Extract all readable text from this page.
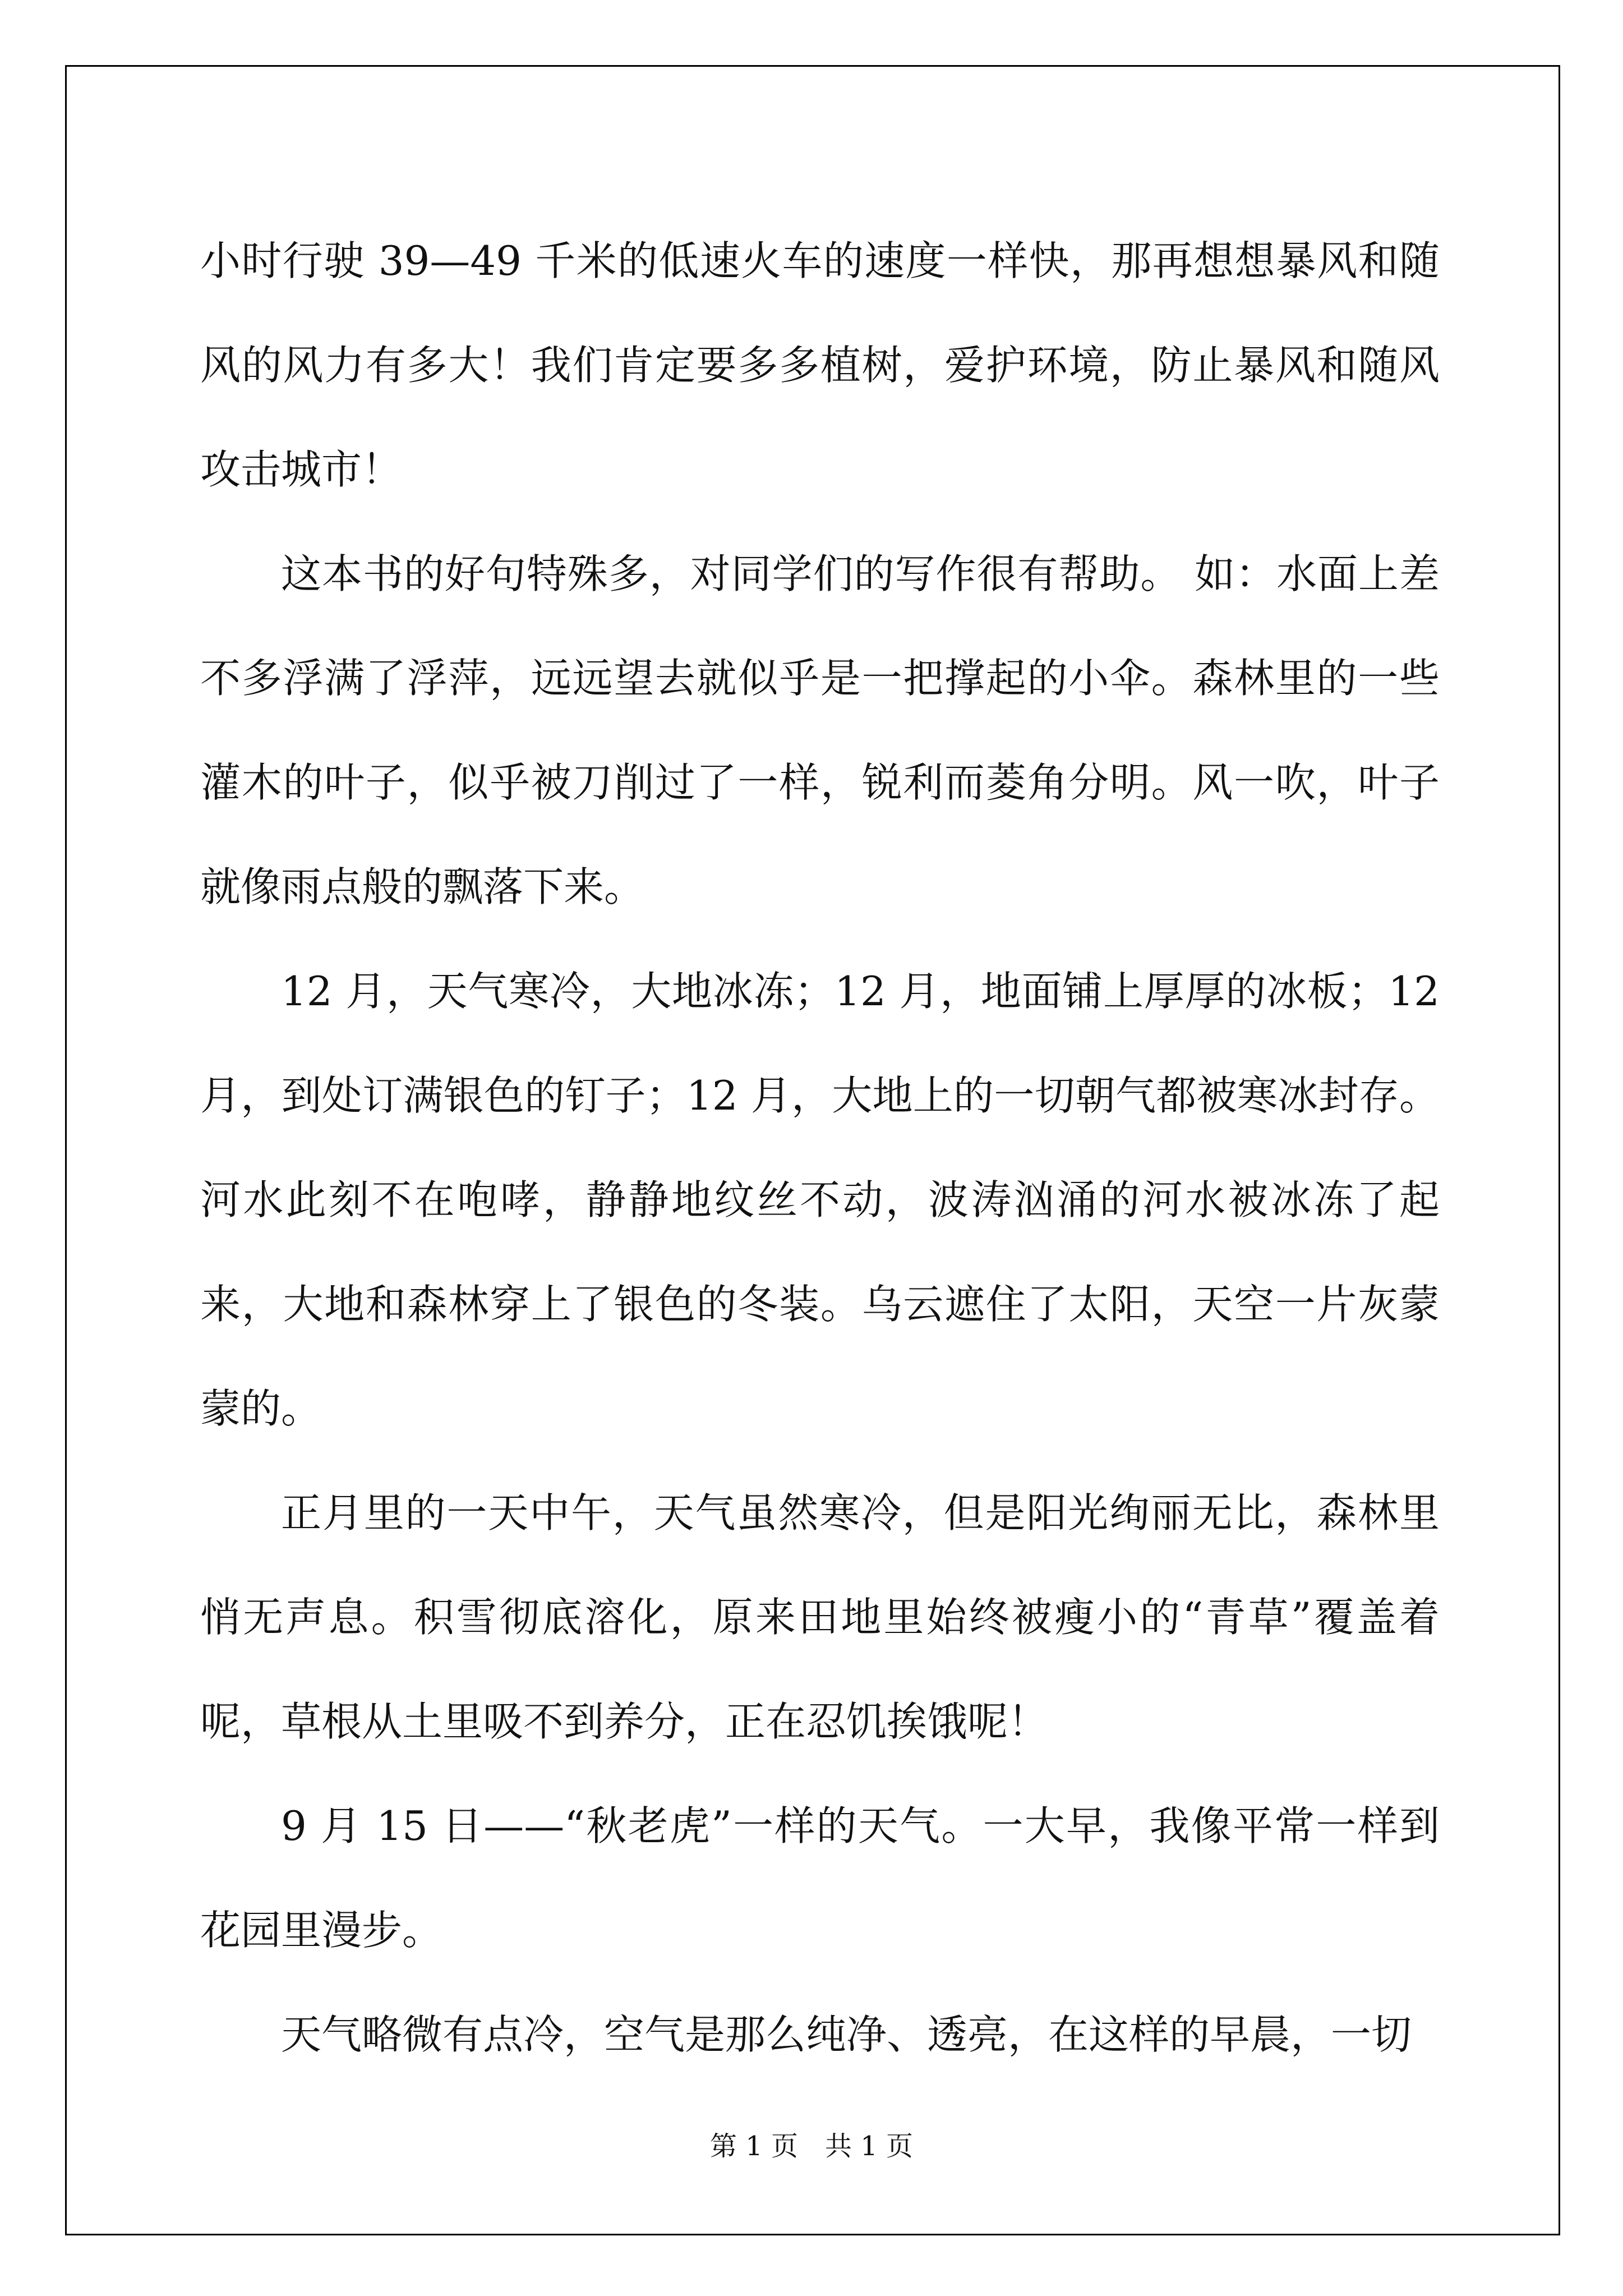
小时行驶 39—49 千米的低速火车的速度一样快，那再想想暴风和随风的风力有多大！我们肯定要多多植树，爱护环境，防止暴风和随风攻击城市！

这本书的好句特殊多，对同学们的写作很有帮助。 如：水面上差不多浮满了浮萍，远远望去就似乎是一把撑起的小伞。森林里的一些灌木的叶子，似乎被刀削过了一样，锐利而菱角分明。风一吹，叶子就像雨点般的飘落下来。

12 月，天气寒冷，大地冰冻；12 月，地面铺上厚厚的冰板；12 月，到处订满银色的钉子；12 月，大地上的一切朝气都被寒冰封存。河水此刻不在咆哮，静静地纹丝不动，波涛汹涌的河水被冰冻了起来，大地和森林穿上了银色的冬装。乌云遮住了太阳，天空一片灰蒙蒙的。

正月里的一天中午，天气虽然寒冷，但是阳光绚丽无比，森林里悄无声息。积雪彻底溶化，原来田地里始终被瘦小的“青草”覆盖着呢，草根从土里吸不到养分，正在忍饥挨饿呢！

9 月 15 日——“秋老虎”一样的天气。一大早，我像平常一样到花园里漫步。

天气略微有点冷，空气是那么纯净、透亮，在这样的早晨，一切

第 1 页　共 1 页
